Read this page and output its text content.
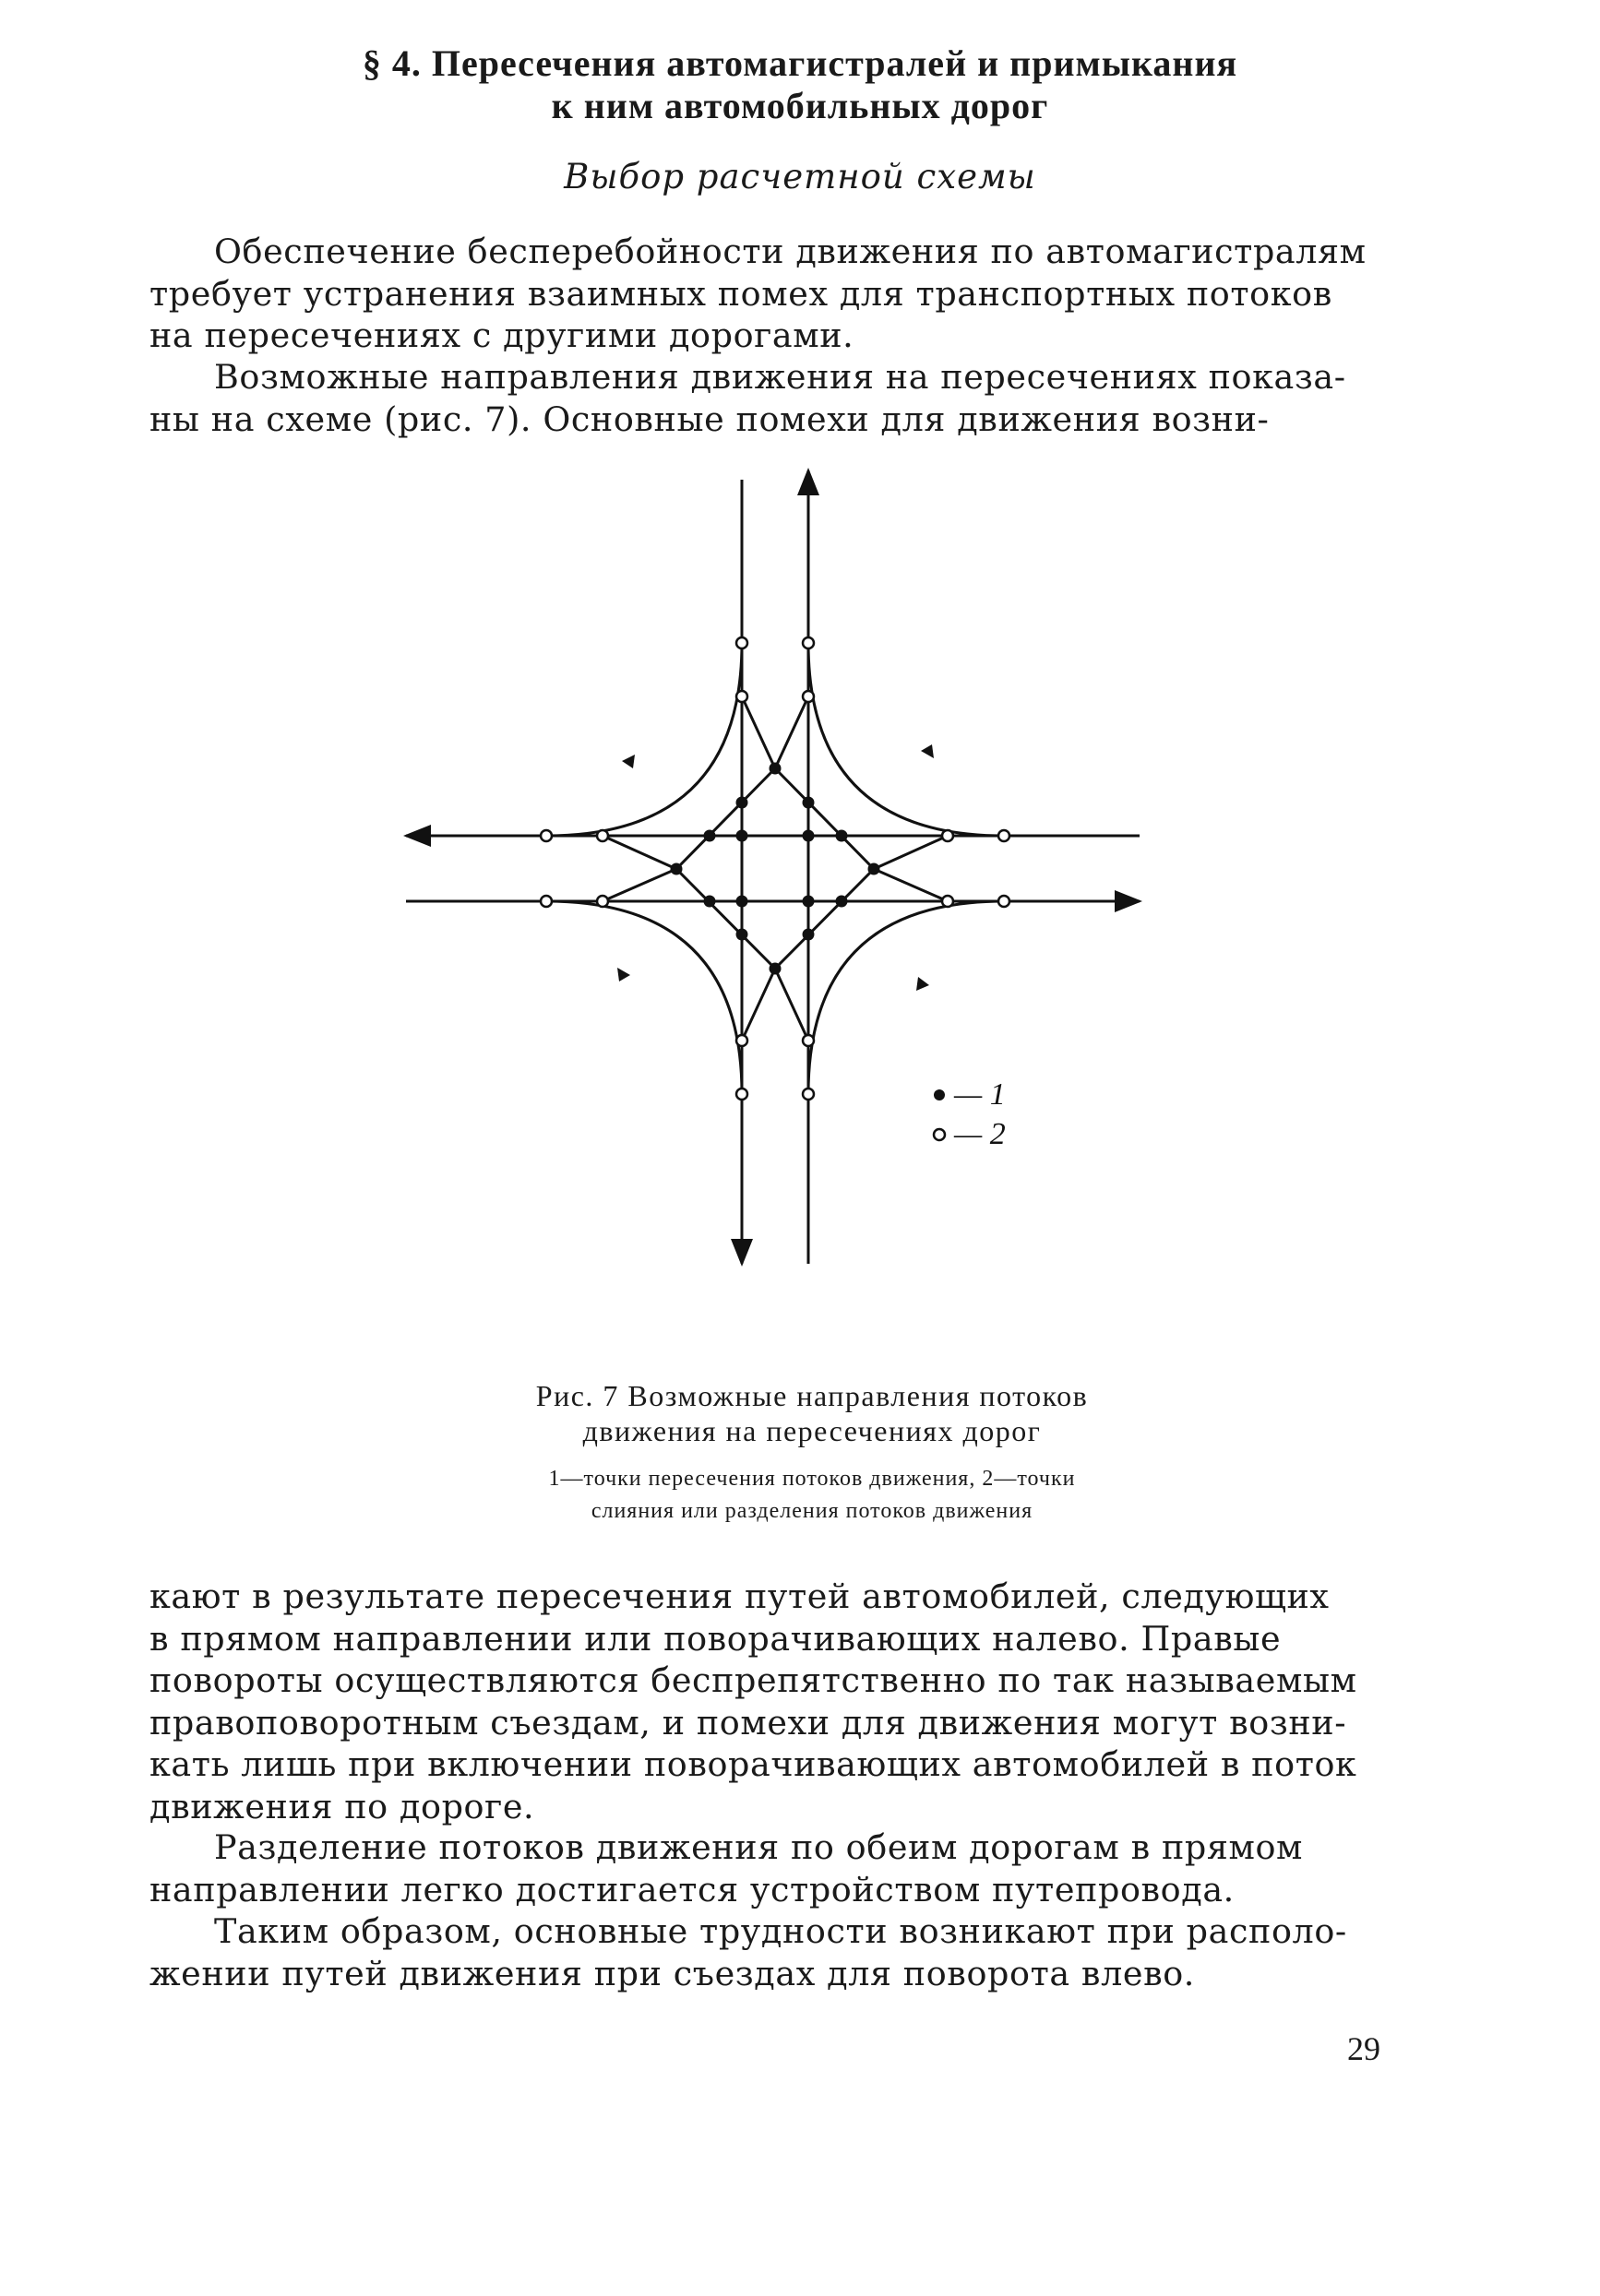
§ 4. Пересечения автомагистралей и примыкания
к ним автомобильных дорог
Выбор расчетной схемы
Обеспечение бесперебойности движения по автомагистралям
требует устранения взаимных помех для транспортных потоков
на пересечениях с другими дорогами.
Возможные направления движения на пересечениях показа-
ны на схеме (рис. 7). Основные помехи для движения возни-
— 1
— 2
Рис. 7 Возможные направления потоков
движения на пересечениях дорог
1—точки пересечения потоков движения, 2—точки
слияния или разделения потоков движения
кают в результате пересечения путей автомобилей, следующих
в прямом направлении или поворачивающих налево. Правые
повороты осуществляются беспрепятственно по так называемым
правоповоротным съездам, и помехи для движения могут возни-
кать лишь при включении поворачивающих автомобилей в поток
движения по дороге.
Разделение потоков движения по обеим дорогам в прямом
направлении легко достигается устройством путепровода.
Таким образом, основные трудности возникают при располо-
жении путей движения при съездах для поворота влево.
29
